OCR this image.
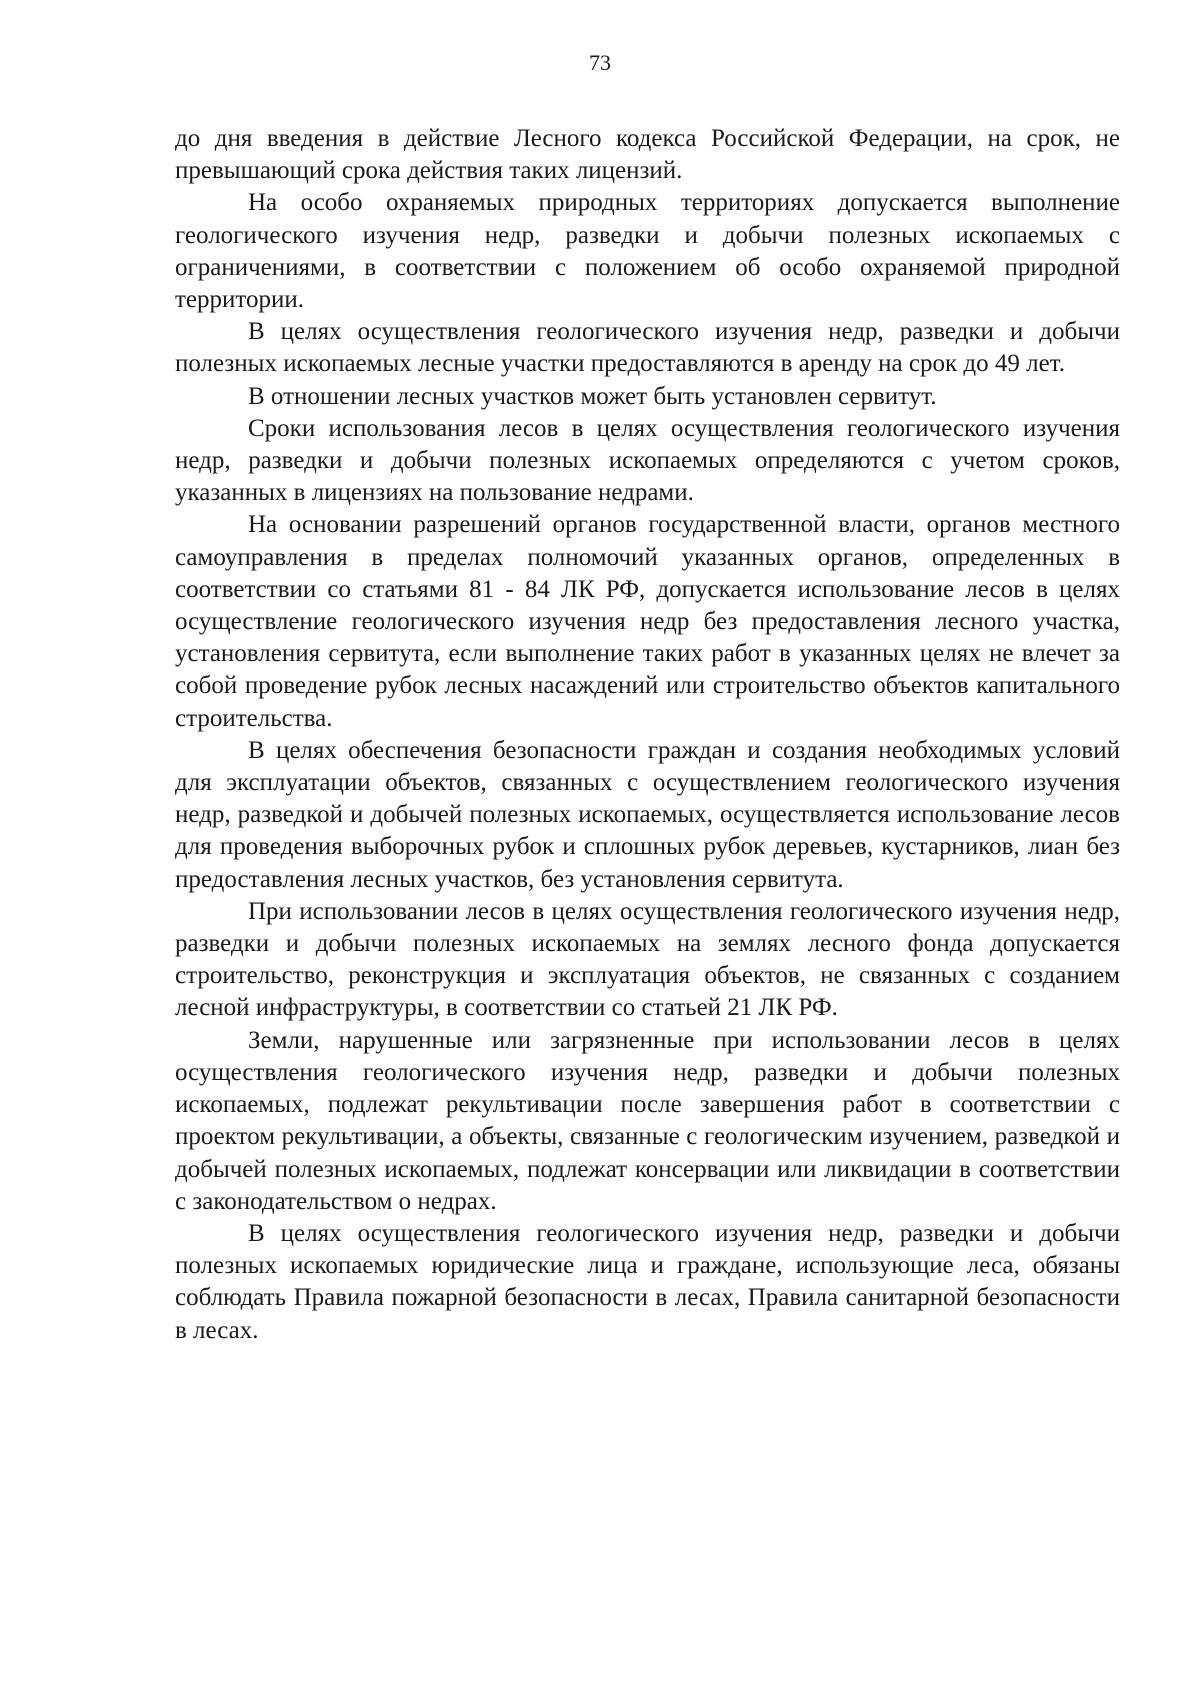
73

до дня введения в действие Лесного кодекса Российской Федерации, на срок, не превышающий срока действия таких лицензий.

На особо охраняемых природных территориях допускается выполнение геологического изучения недр, разведки и добычи полезных ископаемых с ограничениями, в соответствии с положением об особо охраняемой природной территории.

В целях осуществления геологического изучения недр, разведки и добычи полезных ископаемых лесные участки предоставляются в аренду на срок до 49 лет.

В отношении лесных участков может быть установлен сервитут.

Сроки использования лесов в целях осуществления геологического изучения недр, разведки и добычи полезных ископаемых определяются с учетом сроков, указанных в лицензиях на пользование недрами.

На основании разрешений органов государственной власти, органов местного самоуправления в пределах полномочий указанных органов, определенных в соответствии со статьями 81 - 84 ЛК РФ, допускается использование лесов в целях осуществление геологического изучения недр без предоставления лесного участка, установления сервитута, если выполнение таких работ в указанных целях не влечет за собой проведение рубок лесных насаждений или строительство объектов капитального строительства.

В целях обеспечения безопасности граждан и создания необходимых условий для эксплуатации объектов, связанных с осуществлением геологического изучения недр, разведкой и добычей полезных ископаемых, осуществляется использование лесов для проведения выборочных рубок и сплошных рубок деревьев, кустарников, лиан без предоставления лесных участков, без установления сервитута.

При использовании лесов в целях осуществления геологического изучения недр, разведки и добычи полезных ископаемых на землях лесного фонда допускается строительство, реконструкция и эксплуатация объектов, не связанных с созданием лесной инфраструктуры, в соответствии со статьей 21 ЛК РФ.

Земли, нарушенные или загрязненные при использовании лесов в целях осуществления геологического изучения недр, разведки и добычи полезных ископаемых, подлежат рекультивации после завершения работ в соответствии с проектом рекультивации, а объекты, связанные с геологическим изучением, разведкой и добычей полезных ископаемых, подлежат консервации или ликвидации в соответствии с законодательством о недрах.

В целях осуществления геологического изучения недр, разведки и добычи полезных ископаемых юридические лица и граждане, использующие леса, обязаны соблюдать Правила пожарной безопасности в лесах, Правила санитарной безопасности в лесах.
